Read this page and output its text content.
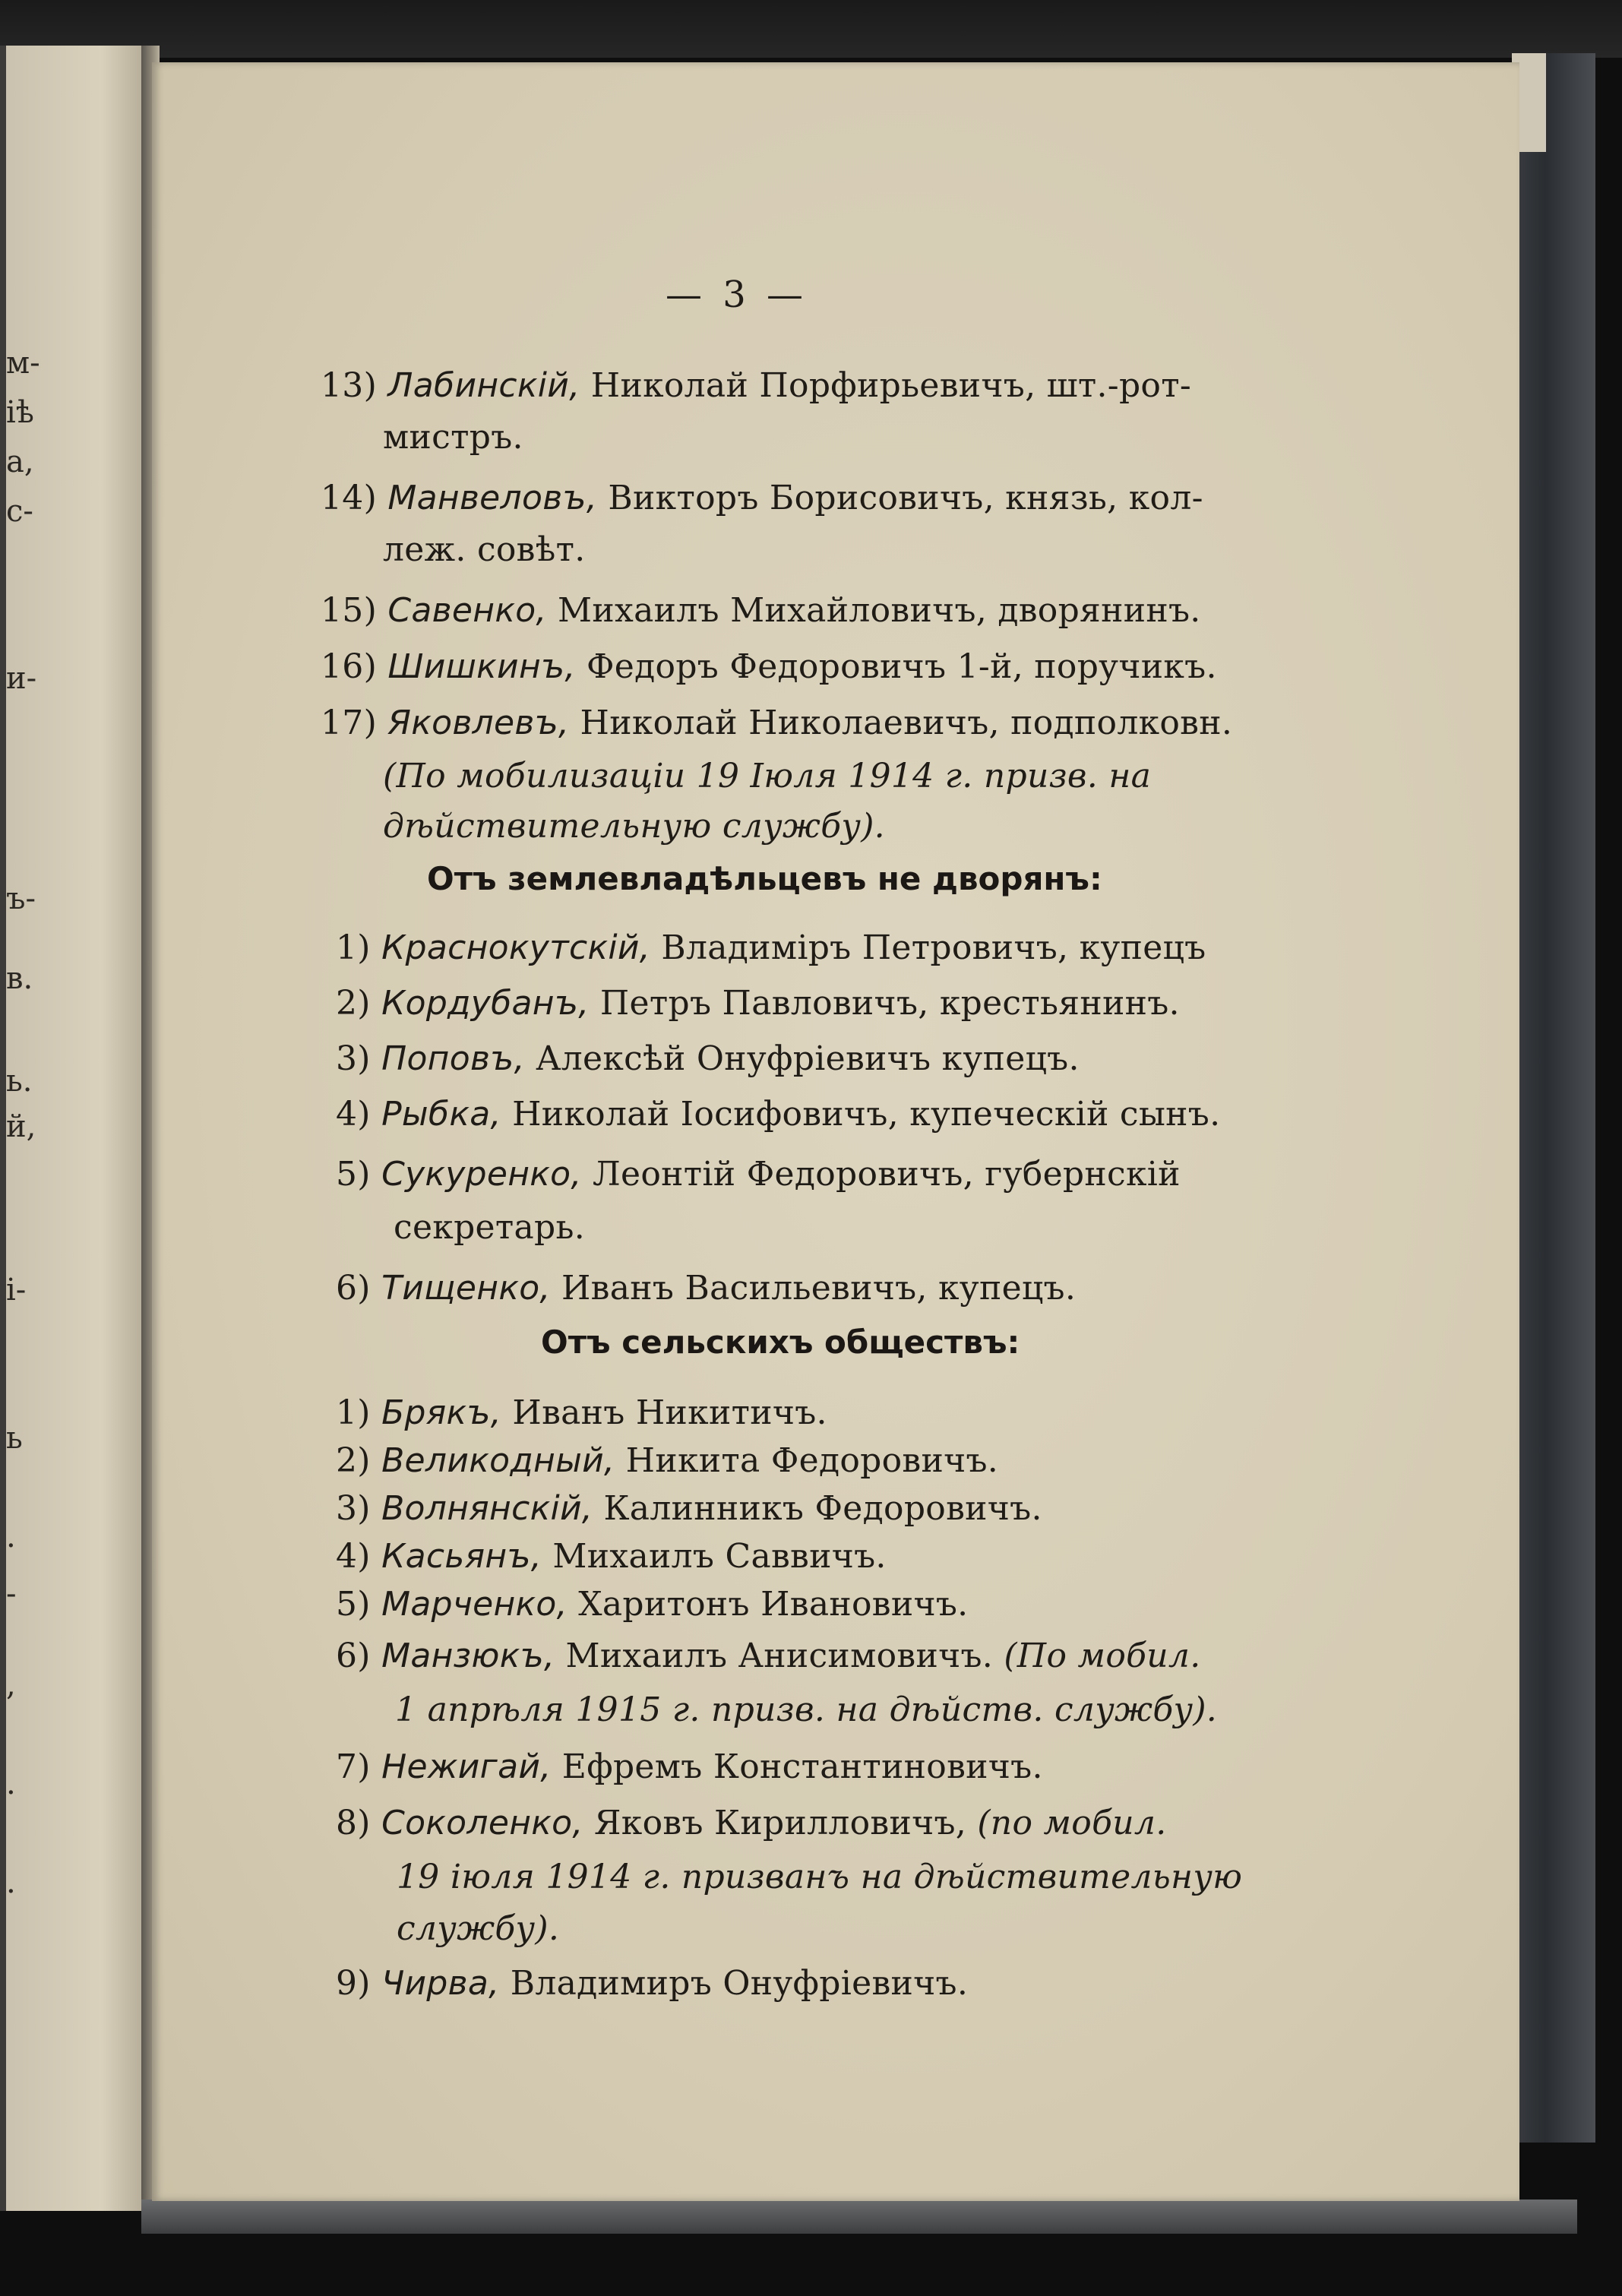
м-
іѣ
а,
с-
и-
ъ-
в.
ь.
й,
і-
ь
.
-
,
.
.
— 3 —
13) Лабинскій, Николай Порфирьевичъ, шт.-рот-
мистръ.
14) Манвеловъ, Викторъ Борисовичъ, князь, кол-
леж. совѣт.
15) Савенко, Михаилъ Михайловичъ, дворянинъ.
16) Шишкинъ, Федоръ Федоровичъ 1-й, поручикъ.
17) Яковлевъ, Николай Николаевичъ, подполковн.
(По мобилизаціи 19 Іюля 1914 г. призв. на
дѣйствительную службу).
Отъ землевладѣльцевъ не дворянъ:
1) Краснокутскій, Владиміръ Петровичъ, купецъ
2) Кордубанъ, Петръ Павловичъ, крестьянинъ.
3) Поповъ, Алексѣй Онуфріевичъ купецъ.
4) Рыбка, Николай Іосифовичъ, купеческій сынъ.
5) Сукуренко, Леонтій Федоровичъ, губернскій
секретарь.
6) Тищенко, Иванъ Васильевичъ, купецъ.
Отъ сельскихъ обществъ:
1) Брякъ, Иванъ Никитичъ.
2) Великодный, Никита Федоровичъ.
3) Волнянскій, Калинникъ Федоровичъ.
4) Касьянъ, Михаилъ Саввичъ.
5) Марченко, Харитонъ Ивановичъ.
6) Манзюкъ, Михаилъ Анисимовичъ. (По мобил.
1 апрѣля 1915 г. призв. на дѣйств. службу).
7) Нежигай, Ефремъ Константиновичъ.
8) Соколенко, Яковъ Кирилловичъ, (по мобил.
19 іюля 1914 г. призванъ на дѣйствительную
службу).
9) Чирва, Владимиръ Онуфріевичъ.
